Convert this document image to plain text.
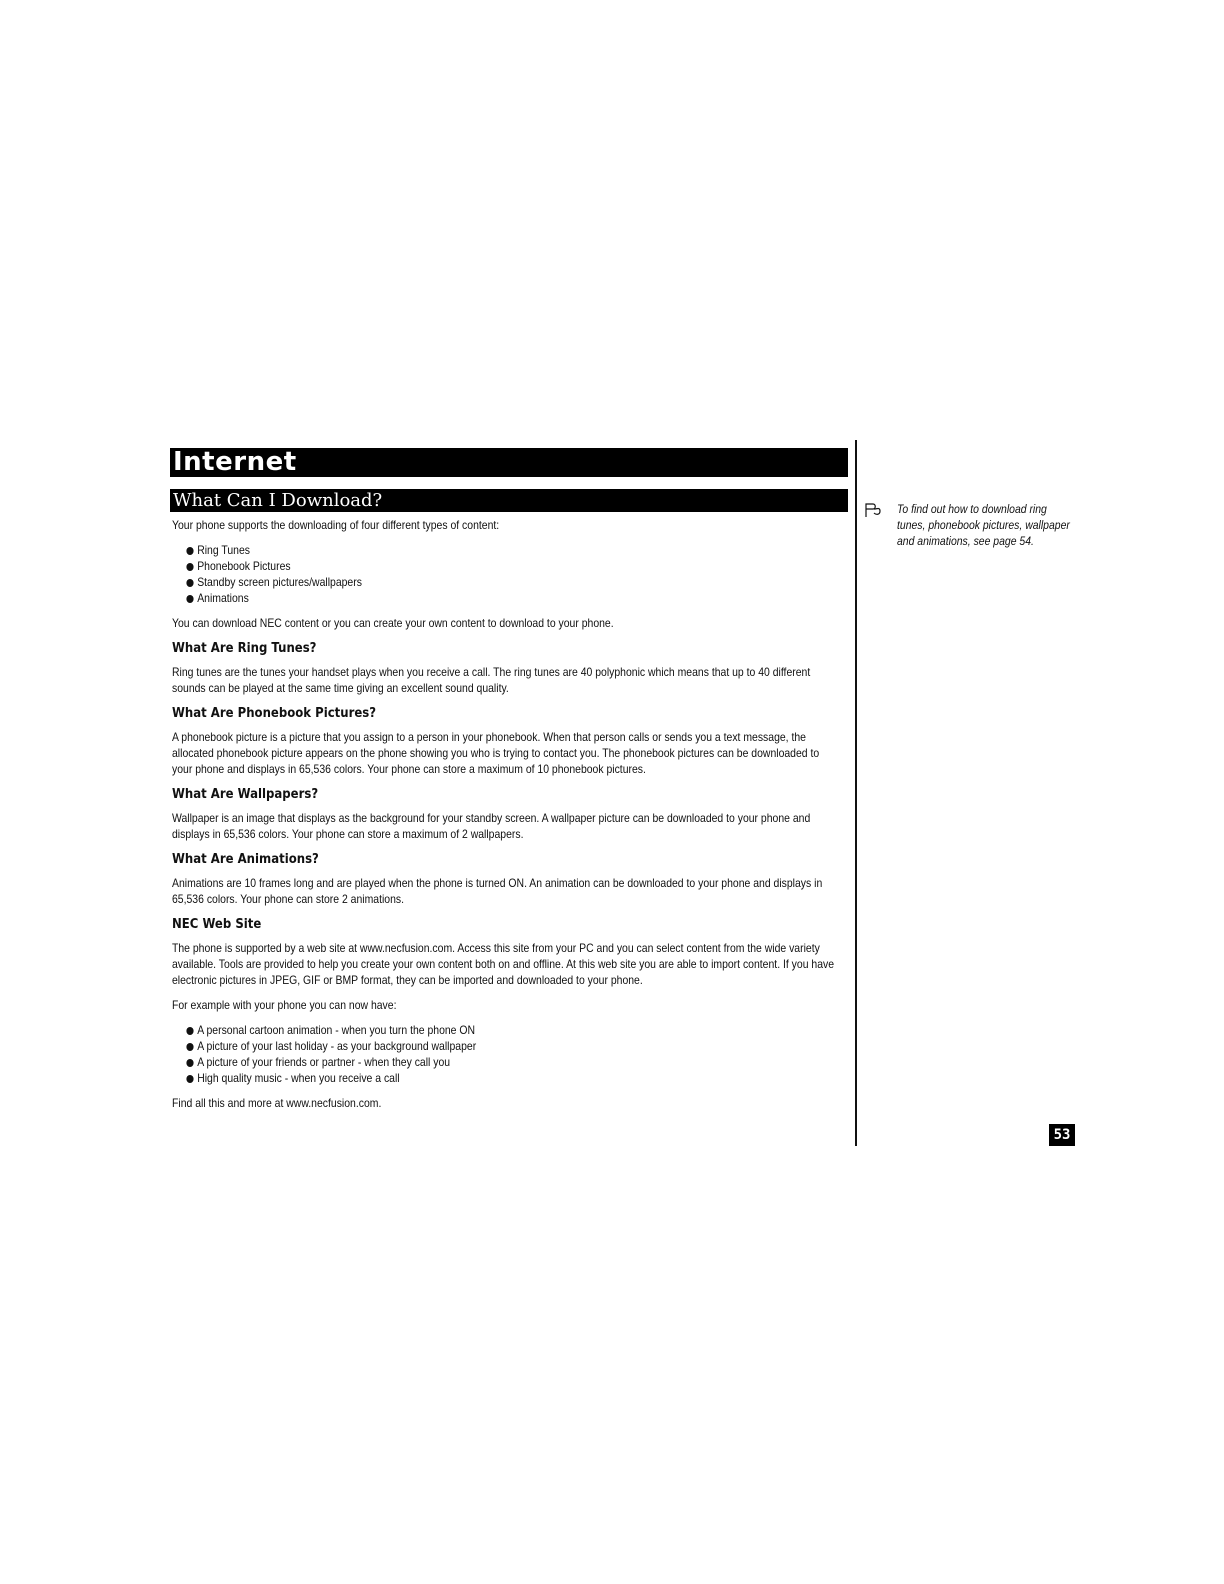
Internet
What Can I Download?

Your phone supports the downloading of four different types of content:

Ring Tunes
Phonebook Pictures
Standby screen pictures/wallpapers
Animations

You can download NEC content or you can create your own content to download to your phone.

What Are Ring Tunes?

Ring tunes are the tunes your handset plays when you receive a call. The ring tunes are 40 polyphonic which means that up to 40 different sounds can be played at the same time giving an excellent sound quality.

What Are Phonebook Pictures?

A phonebook picture is a picture that you assign to a person in your phonebook. When that person calls or sends you a text message, the allocated phonebook picture appears on the phone showing you who is trying to contact you. The phonebook pictures can be downloaded to your phone and displays in 65,536 colors. Your phone can store a maximum of 10 phonebook pictures.

What Are Wallpapers?

Wallpaper is an image that displays as the background for your standby screen. A wallpaper picture can be downloaded to your phone and displays in 65,536 colors. Your phone can store a maximum of 2 wallpapers.

What Are Animations?

Animations are 10 frames long and are played when the phone is turned ON. An animation can be downloaded to your phone and displays in 65,536 colors. Your phone can store 2 animations.

NEC Web Site

The phone is supported by a web site at www.necfusion.com. Access this site from your PC and you can select content from the wide variety available. Tools are provided to help you create your own content both on and offline. At this web site you are able to import content. If you have electronic pictures in JPEG, GIF or BMP format, they can be imported and downloaded to your phone.

For example with your phone you can now have:

A personal cartoon animation - when you turn the phone ON
A picture of your last holiday - as your background wallpaper
A picture of your friends or partner - when they call you
High quality music - when you receive a call

Find all this and more at www.necfusion.com.

To find out how to download ring tunes, phonebook pictures, wallpaper and animations, see page 54.
53
